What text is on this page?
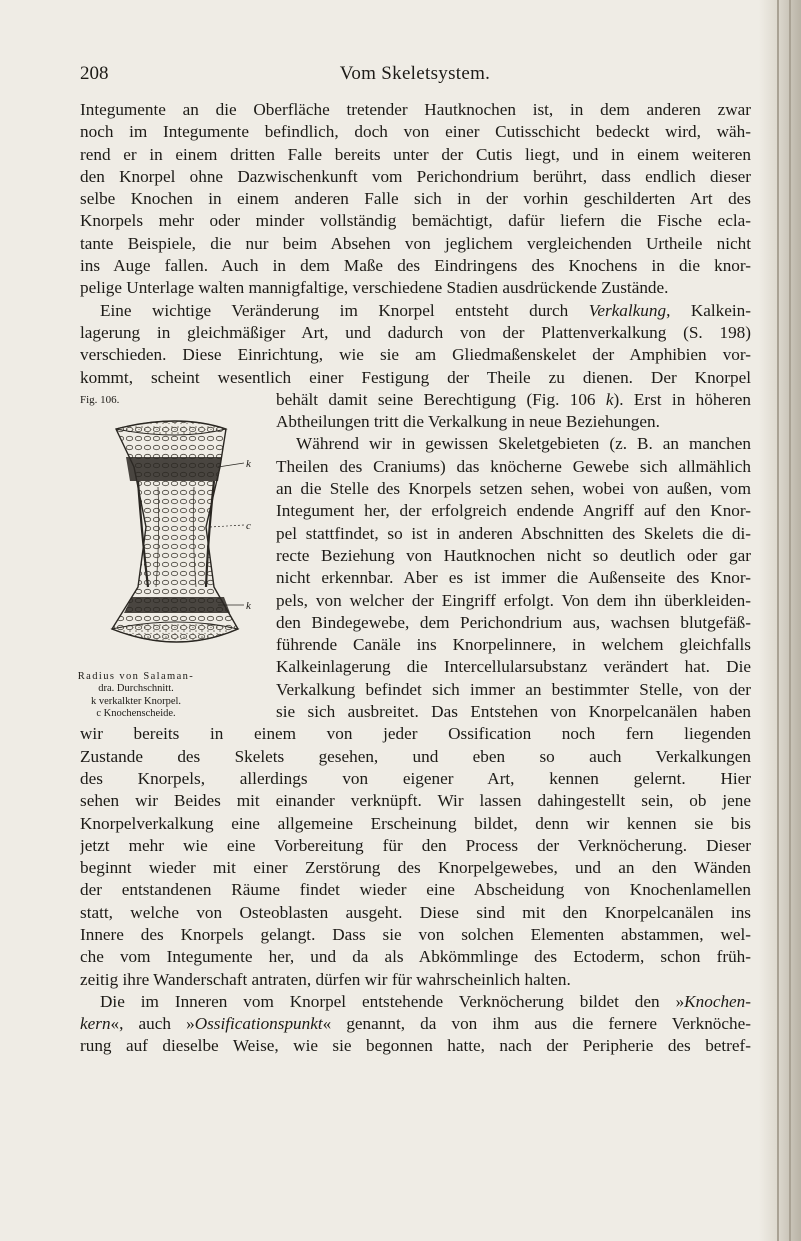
208	Vom Skeletsystem.

Integumente an die Oberfläche tretender Hautknochen ist, in dem anderen zwar
noch im Integumente befindlich, doch von einer Cutisschicht bedeckt wird, wäh-
rend er in einem dritten Falle bereits unter der Cutis liegt, und in einem weiteren
den Knorpel ohne Dazwischenkunft vom Perichondrium berührt, dass endlich dieser
selbe Knochen in einem anderen Falle sich in der vorhin geschilderten Art des
Knorpels mehr oder minder vollständig bemächtigt, dafür liefern die Fische ecla-
tante Beispiele, die nur beim Absehen von jeglichem vergleichenden Urtheile nicht
ins Auge fallen. Auch in dem Maße des Eindringens des Knochens in die knor-
pelige Unterlage walten mannigfaltige, verschiedene Stadien ausdrückende Zustände.

Eine wichtige Veränderung im Knorpel entsteht durch Verkalkung, Kalkein-
lagerung in gleichmäßiger Art, und dadurch von der Plattenverkalkung (S. 198)
verschieden. Diese Einrichtung, wie sie am Gliedmaßenskelet der Amphibien vor-
kommt, scheint wesentlich einer Festigung der Theile zu dienen. Der Knorpel
Fig. 106.
k
c
k
Radius von Salaman-
dra. Durchschnitt.
k verkalkter Knorpel.
c Knochenscheide.
behält damit seine Berechtigung (Fig. 106 k). Erst in höheren
Abtheilungen tritt die Verkalkung in neue Beziehungen.
Während wir in gewissen Skeletgebieten (z. B. an manchen
Theilen des Craniums) das knöcherne Gewebe sich allmählich
an die Stelle des Knorpels setzen sehen, wobei von außen, vom
Integument her, der erfolgreich endende Angriff auf den Knor-
pel stattfindet, so ist in anderen Abschnitten des Skelets die di-
recte Beziehung von Hautknochen nicht so deutlich oder gar
nicht erkennbar. Aber es ist immer die Außenseite des Knor-
pels, von welcher der Eingriff erfolgt. Von dem ihn überkleiden-
den Bindegewebe, dem Perichondrium aus, wachsen blutgefäß-
führende Canäle ins Knorpelinnere, in welchem gleichfalls
Kalkeinlagerung die Intercellularsubstanz verändert hat. Die
Verkalkung befindet sich immer an bestimmter Stelle, von der
sie sich ausbreitet. Das Entstehen von Knorpelcanälen haben
wir bereits in einem von jeder Ossification noch fern liegenden
Zustande des Skelets gesehen, und eben so auch Verkalkungen
des Knorpels, allerdings von eigener Art, kennen gelernt. Hier
sehen wir Beides mit einander verknüpft. Wir lassen dahingestellt sein, ob jene
Knorpelverkalkung eine allgemeine Erscheinung bildet, denn wir kennen sie bis
jetzt mehr wie eine Vorbereitung für den Process der Verknöcherung. Dieser
beginnt wieder mit einer Zerstörung des Knorpelgewebes, und an den Wänden
der entstandenen Räume findet wieder eine Abscheidung von Knochenlamellen
statt, welche von Osteoblasten ausgeht. Diese sind mit den Knorpelcanälen ins
Innere des Knorpels gelangt. Dass sie von solchen Elementen abstammen, wel-
che vom Integumente her, und da als Abkömmlinge des Ectoderm, schon früh-
zeitig ihre Wanderschaft antraten, dürfen wir für wahrscheinlich halten.

Die im Inneren vom Knorpel entstehende Verknöcherung bildet den »Knochen-
kern«, auch »Ossificationspunkt« genannt, da von ihm aus die fernere Verknöche-
rung auf dieselbe Weise, wie sie begonnen hatte, nach der Peripherie des betref-
